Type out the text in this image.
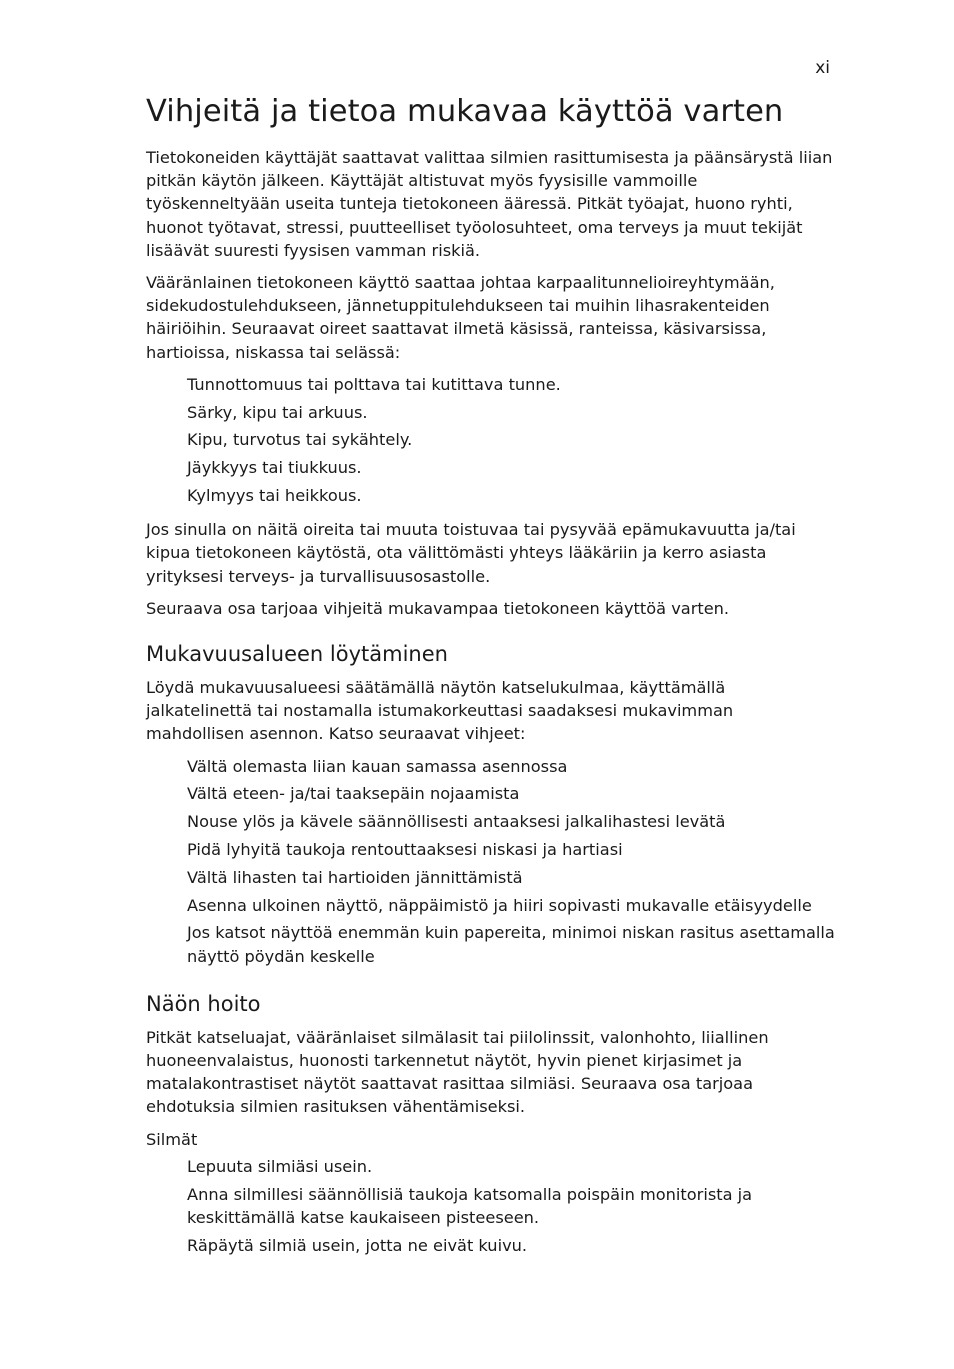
xi
Vihjeitä ja tietoa mukavaa käyttöä varten

Tietokoneiden käyttäjät saattavat valittaa silmien rasittumisesta ja päänsärystä liian pitkän käytön jälkeen. Käyttäjät altistuvat myös fyysisille vammoille työskenneltyään useita tunteja tietokoneen ääressä. Pitkät työajat, huono ryhti, huonot työtavat, stressi, puutteelliset työolosuhteet, oma terveys ja muut tekijät lisäävät suuresti fyysisen vamman riskiä.

Vääränlainen tietokoneen käyttö saattaa johtaa karpaalitunnelioireyhtymään, sidekudostulehdukseen, jännetuppitulehdukseen tai muihin lihasrakenteiden häiriöihin. Seuraavat oireet saattavat ilmetä käsissä, ranteissa, käsivarsissa, hartioissa, niskassa tai selässä:

Tunnottomuus tai polttava tai kutittava tunne.
Särky, kipu tai arkuus.
Kipu, turvotus tai sykähtely.
Jäykkyys tai tiukkuus.
Kylmyys tai heikkous.

Jos sinulla on näitä oireita tai muuta toistuvaa tai pysyvää epämukavuutta ja/tai kipua tietokoneen käytöstä, ota välittömästi yhteys lääkäriin ja kerro asiasta yrityksesi terveys- ja turvallisuusosastolle.

Seuraava osa tarjoaa vihjeitä mukavampaa tietokoneen käyttöä varten.

Mukavuusalueen löytäminen

Löydä mukavuusalueesi säätämällä näytön katselukulmaa, käyttämällä jalkatelinettä tai nostamalla istumakorkeuttasi saadaksesi mukavimman mahdollisen asennon. Katso seuraavat vihjeet:

Vältä olemasta liian kauan samassa asennossa
Vältä eteen- ja/tai taaksepäin nojaamista
Nouse ylös ja kävele säännöllisesti antaaksesi jalkalihastesi levätä
Pidä lyhyitä taukoja rentouttaaksesi niskasi ja hartiasi
Vältä lihasten tai hartioiden jännittämistä
Asenna ulkoinen näyttö, näppäimistö ja hiiri sopivasti mukavalle etäisyydelle
Jos katsot näyttöä enemmän kuin papereita, minimoi niskan rasitus asettamalla näyttö pöydän keskelle
Näön hoito

Pitkät katseluajat, vääränlaiset silmälasit tai piilolinssit, valonhohto, liiallinen huoneenvalaistus, huonosti tarkennetut näytöt, hyvin pienet kirjasimet ja matalakontrastiset näytöt saattavat rasittaa silmiäsi. Seuraava osa tarjoaa ehdotuksia silmien rasituksen vähentämiseksi.

Silmät
Lepuuta silmiäsi usein.
Anna silmillesi säännöllisiä taukoja katsomalla poispäin monitorista ja keskittämällä katse kaukaiseen pisteeseen.
Räpäytä silmiä usein, jotta ne eivät kuivu.
